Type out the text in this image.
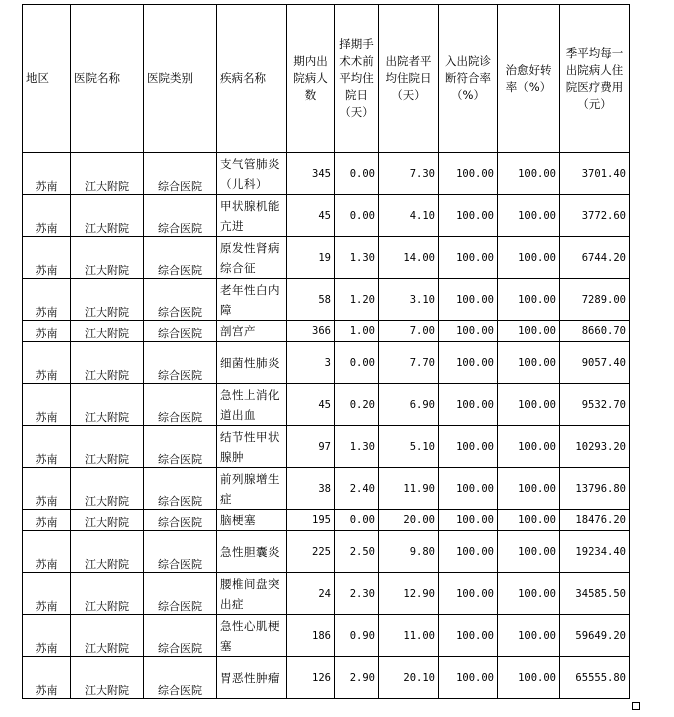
地区	医院名称	医院类别	疾病名称	期内出院病人数	择期手术术前平均住院日（天）	出院者平均住院日（天）	入出院诊断符合率（%）	治愈好转率（%）	季平均每一出院病人住院医疗费用（元）
苏南	江大附院	综合医院	支气管肺炎（儿科）	345	0.00	7.30	100.00	100.00	3701.40
苏南	江大附院	综合医院	甲状腺机能亢进	45	0.00	4.10	100.00	100.00	3772.60
苏南	江大附院	综合医院	原发性肾病综合征	19	1.30	14.00	100.00	100.00	6744.20
苏南	江大附院	综合医院	老年性白内障	58	1.20	3.10	100.00	100.00	7289.00
苏南	江大附院	综合医院	剖宫产	366	1.00	7.00	100.00	100.00	8660.70
苏南	江大附院	综合医院	细菌性肺炎	3	0.00	7.70	100.00	100.00	9057.40
苏南	江大附院	综合医院	急性上消化道出血	45	0.20	6.90	100.00	100.00	9532.70
苏南	江大附院	综合医院	结节性甲状腺肿	97	1.30	5.10	100.00	100.00	10293.20
苏南	江大附院	综合医院	前列腺增生症	38	2.40	11.90	100.00	100.00	13796.80
苏南	江大附院	综合医院	脑梗塞	195	0.00	20.00	100.00	100.00	18476.20
苏南	江大附院	综合医院	急性胆囊炎	225	2.50	9.80	100.00	100.00	19234.40
苏南	江大附院	综合医院	腰椎间盘突出症	24	2.30	12.90	100.00	100.00	34585.50
苏南	江大附院	综合医院	急性心肌梗塞	186	0.90	11.00	100.00	100.00	59649.20
苏南	江大附院	综合医院	胃恶性肿瘤	126	2.90	20.10	100.00	100.00	65555.80
